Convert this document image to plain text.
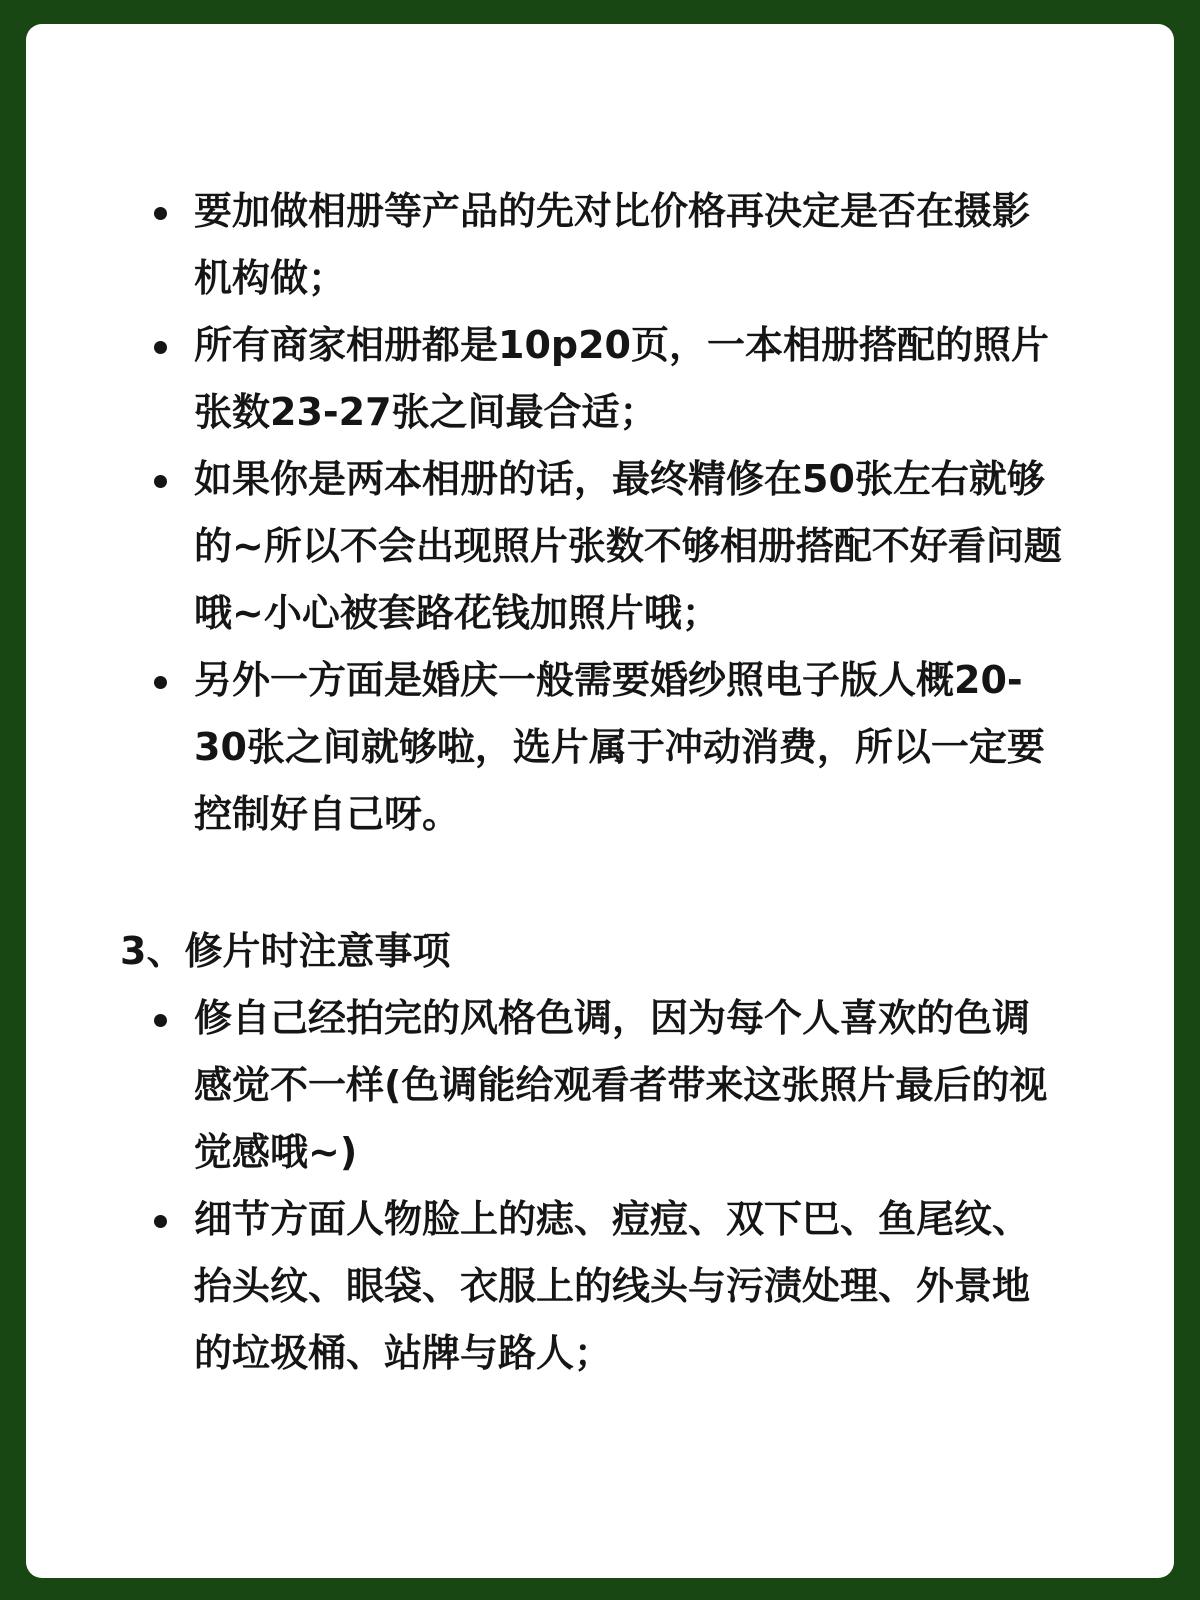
要加做相册等产品的先对比价格再决定是否在摄影机构做；
所有商家相册都是10p20页，一本相册搭配的照片张数23-27张之间最合适；
如果你是两本相册的话，最终精修在50张左右就够的~所以不会出现照片张数不够相册搭配不好看问题哦~小心被套路花钱加照片哦；
另外一方面是婚庆一般需要婚纱照电子版人概20-30张之间就够啦，选片属于冲动消费，所以一定要控制好自己呀。
3、修片时注意事项
修自己经拍完的风格色调，因为每个人喜欢的色调感觉不一样(色调能给观看者带来这张照片最后的视觉感哦~)
细节方面人物脸上的痣、痘痘、双下巴、鱼尾纹、抬头纹、眼袋、衣服上的线头与污渍处理、外景地的垃圾桶、站牌与路人；
